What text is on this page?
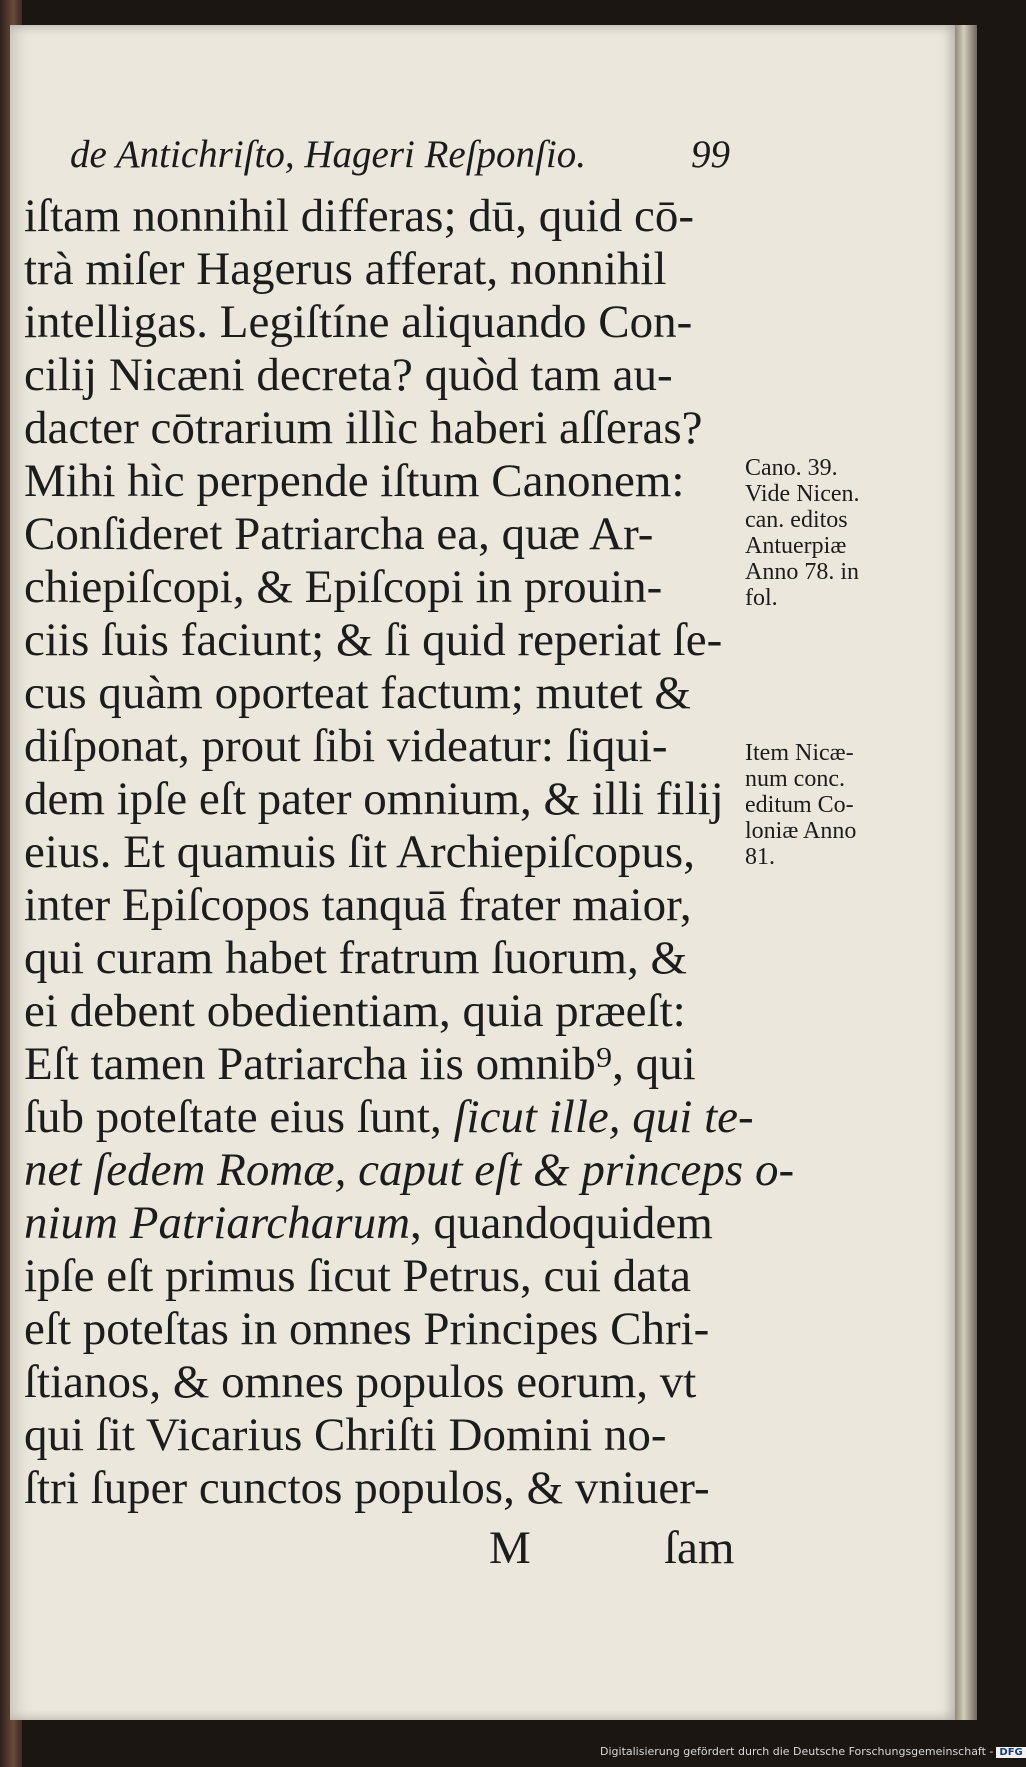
de Antichriſto, Hageri Reſponſio.	99
iſtam nonnihil differas; dū, quid cō-
trà miſer Hagerus afferat, nonnihil
intelligas. Legiſtíne aliquando Con-
cilij Nicæni decreta? quòd tam au-
dacter cōtrarium illìc haberi aſſeras?
Mihi hìc perpende iſtum Canonem:
Conſideret Patriarcha ea, quæ Ar-
chiepiſcopi, & Epiſcopi in prouin-
ciis ſuis faciunt; & ſi quid reperiat ſe-
cus quàm oporteat factum; mutet &
diſponat, prout ſibi videatur: ſiqui-
dem ipſe eſt pater omnium, & illi filij
eius. Et quamuis ſit Archiepiſcopus,
inter Epiſcopos tanquā frater maior,
qui curam habet fratrum ſuorum, &
ei debent obedientiam, quia præeſt:
Eſt tamen Patriarcha iis omnib⁹, qui
ſub poteſtate eius ſunt, ſicut ille, qui te-
net ſedem Romæ, caput eſt & princeps o-
nium Patriarcharum, quandoquidem
ipſe eſt primus ſicut Petrus, cui data
eſt poteſtas in omnes Principes Chri-
ſtianos, & omnes populos eorum, vt
qui ſit Vicarius Chriſti Domini no-
ſtri ſuper cunctos populos, & vniuer-
Cano. 39.
Vide Nicen.
can. editos
Antuerpiæ
Anno 78. in
fol.
Item Nicæ-
num conc.
editum Co-
loniæ Anno
81.
M	ſam
Digitalisierung gefördert durch die Deutsche Forschungsgemeinschaft - DFG
